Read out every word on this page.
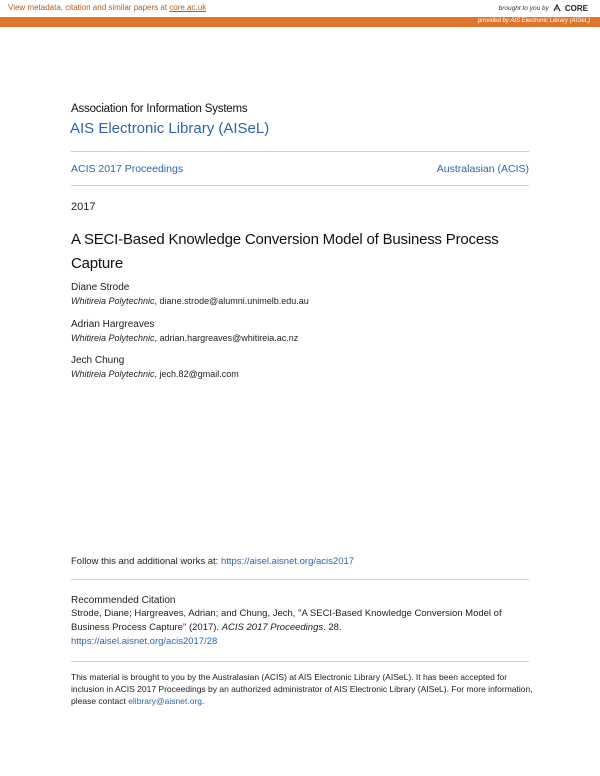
View metadata, citation and similar papers at core.ac.uk	brought to you by CORE
provided by AIS Electronic Library (AISeL)
Association for Information Systems
AIS Electronic Library (AISeL)
ACIS 2017 Proceedings	Australasian (ACIS)
2017
A SECI-Based Knowledge Conversion Model of Business Process Capture
Diane Strode
Whitireia Polytechnic, diane.strode@alumni.unimelb.edu.au
Adrian Hargreaves
Whitireia Polytechnic, adrian.hargreaves@whitireia.ac.nz
Jech Chung
Whitireia Polytechnic, jech.82@gmail.com
Follow this and additional works at: https://aisel.aisnet.org/acis2017
Recommended Citation
Strode, Diane; Hargreaves, Adrian; and Chung, Jech, "A SECI-Based Knowledge Conversion Model of Business Process Capture" (2017). ACIS 2017 Proceedings. 28.
https://aisel.aisnet.org/acis2017/28
This material is brought to you by the Australasian (ACIS) at AIS Electronic Library (AISeL). It has been accepted for inclusion in ACIS 2017 Proceedings by an authorized administrator of AIS Electronic Library (AISeL). For more information, please contact elibrary@aisnet.org.
